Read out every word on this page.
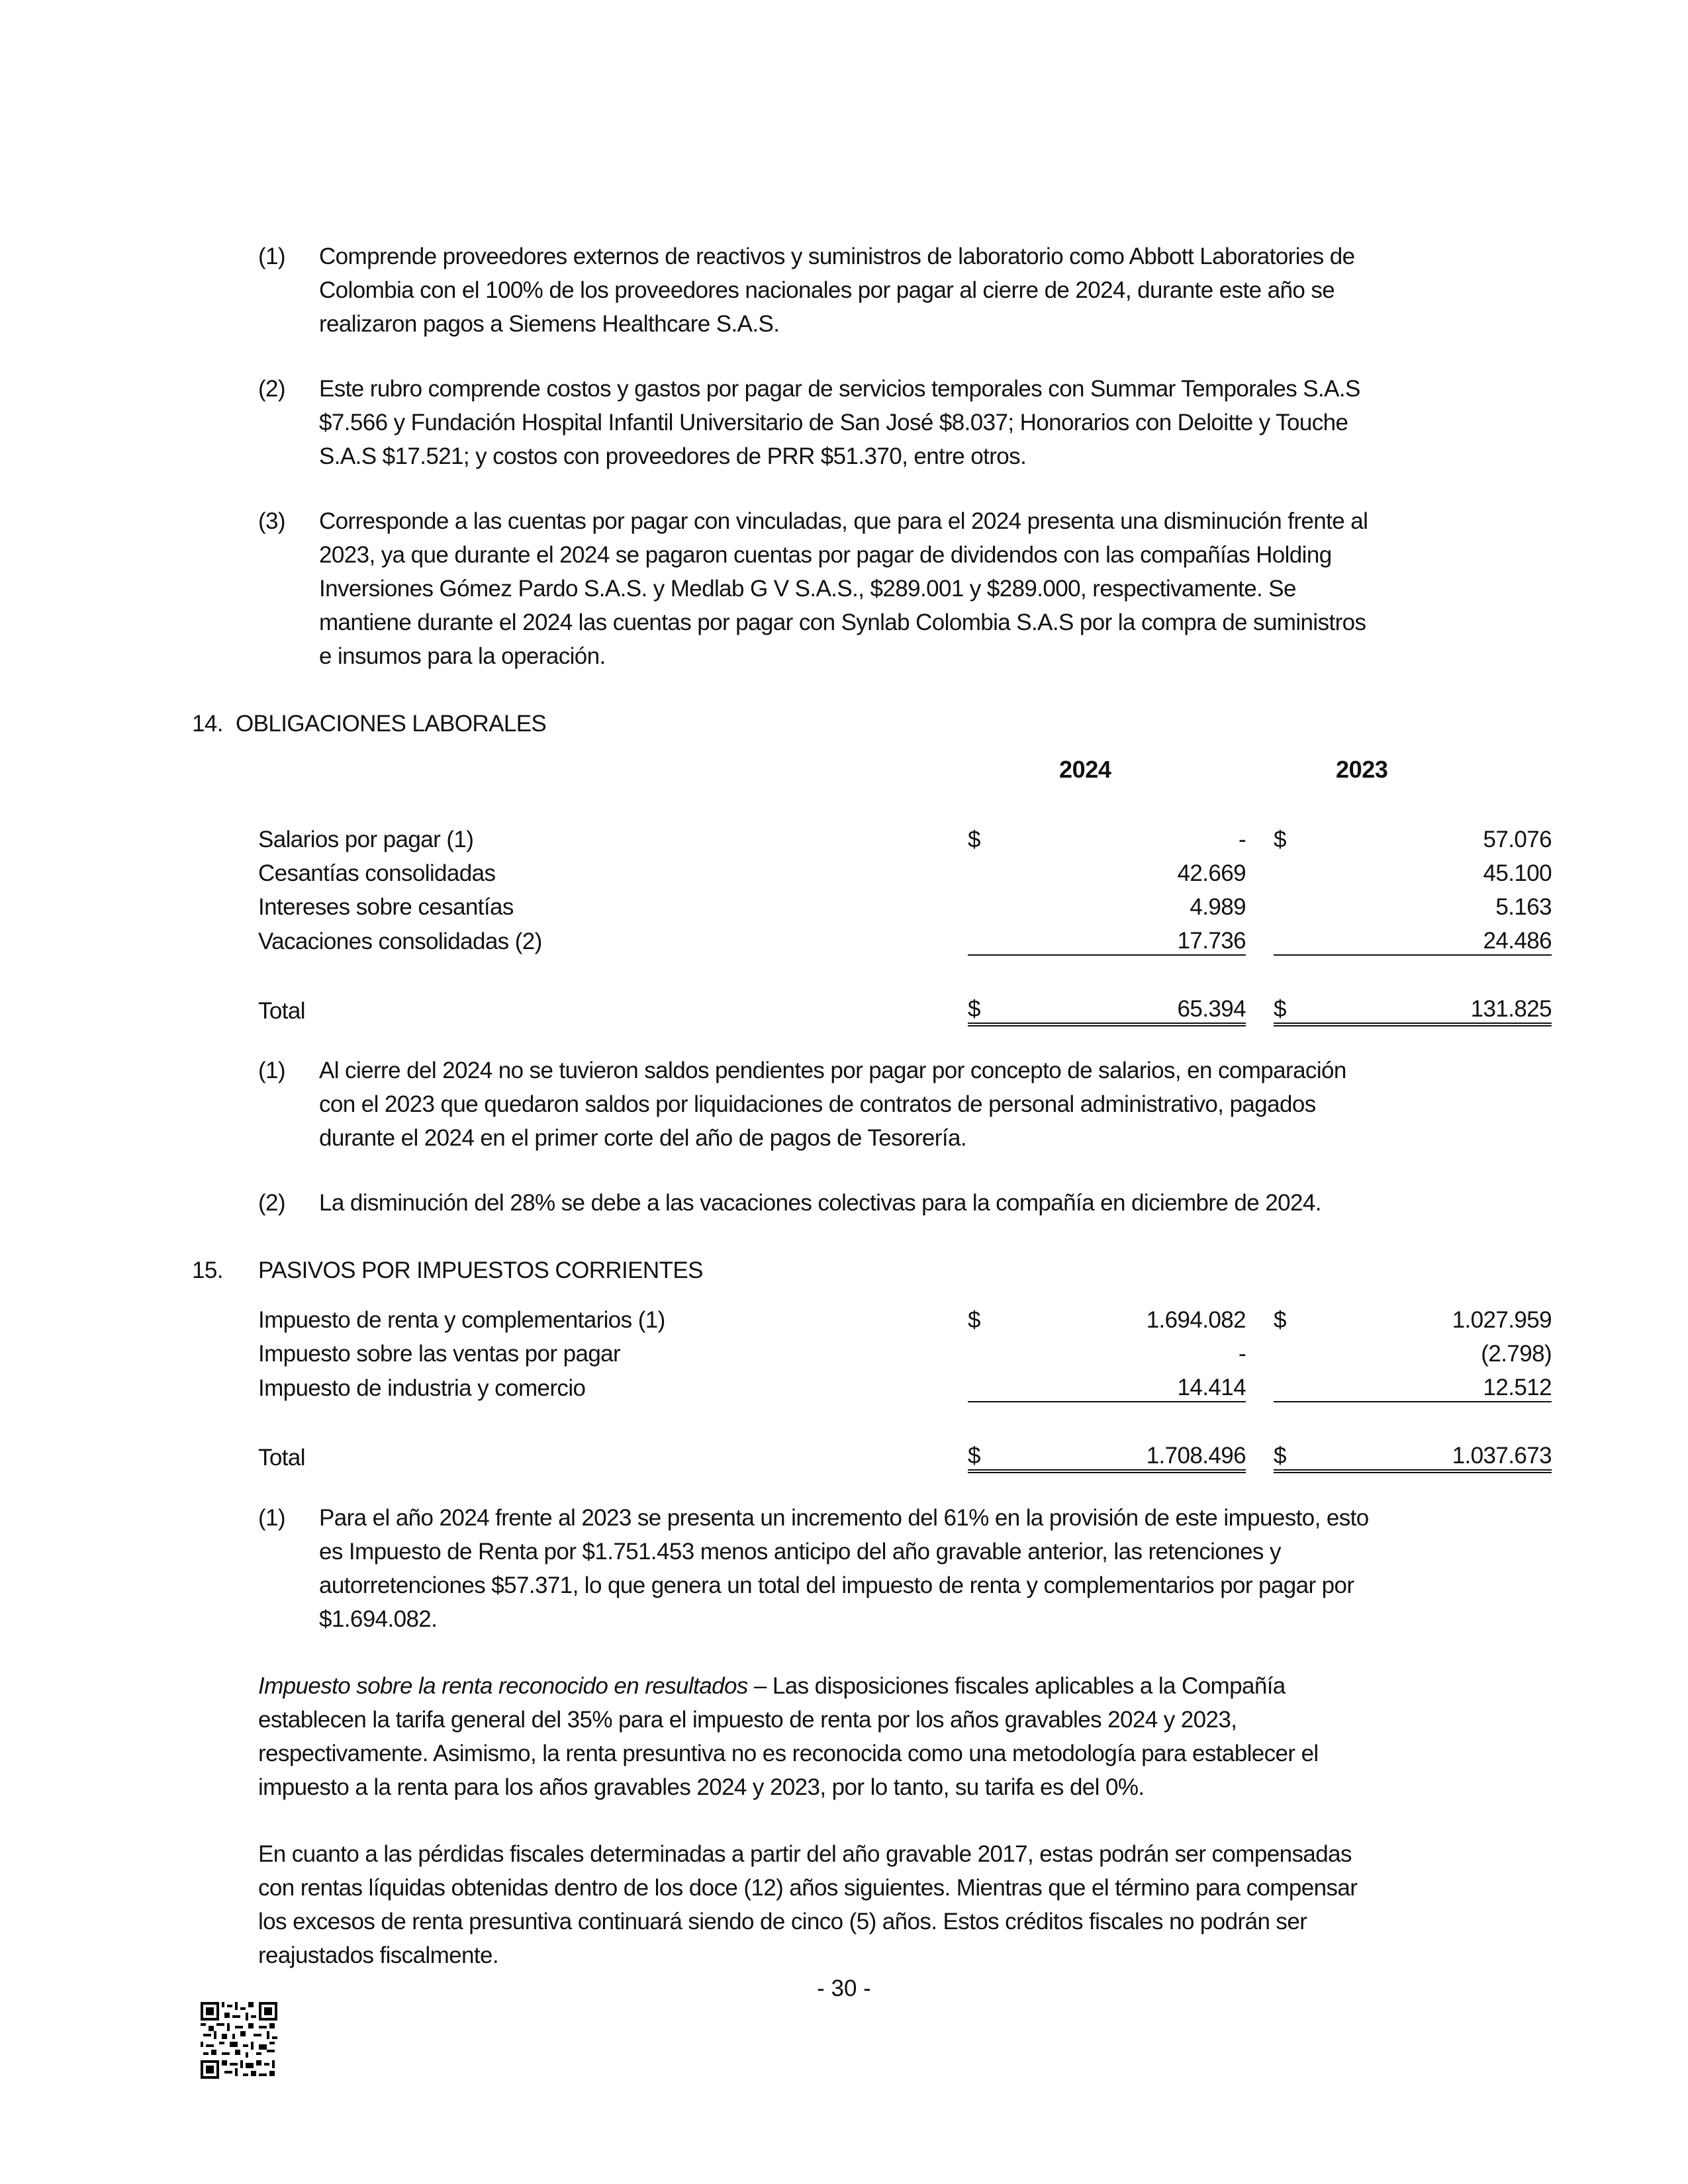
(1) Comprende proveedores externos de reactivos y suministros de laboratorio como Abbott Laboratories de
Colombia con el 100% de los proveedores nacionales por pagar al cierre de 2024, durante este año se
realizaron pagos a Siemens Healthcare S.A.S.
(2) Este rubro comprende costos y gastos por pagar de servicios temporales con Summar Temporales S.A.S
$7.566 y Fundación Hospital Infantil Universitario de San José $8.037; Honorarios con Deloitte y Touche
S.A.S $17.521; y costos con proveedores de PRR $51.370, entre otros.
(3) Corresponde a las cuentas por pagar con vinculadas, que para el 2024 presenta una disminución frente al
2023, ya que durante el 2024 se pagaron cuentas por pagar de dividendos con las compañías Holding
Inversiones Gómez Pardo S.A.S. y Medlab G V S.A.S., $289.001 y $289.000, respectivamente. Se
mantiene durante el 2024 las cuentas por pagar con Synlab Colombia S.A.S por la compra de suministros
e insumos para la operación.
14. OBLIGACIONES LABORALES
2024	2023
Salarios por pagar (1)	$	-		$	57.076
Cesantías consolidadas		42.669			45.100
Intereses sobre cesantías		4.989			5.163
Vacaciones consolidadas (2)		17.736			24.486

Total	$	65.394		$	131.825
(1) Al cierre del 2024 no se tuvieron saldos pendientes por pagar por concepto de salarios, en comparación
con el 2023 que quedaron saldos por liquidaciones de contratos de personal administrativo, pagados
durante el 2024 en el primer corte del año de pagos de Tesorería.
(2) La disminución del 28% se debe a las vacaciones colectivas para la compañía en diciembre de 2024.
15. PASIVOS POR IMPUESTOS CORRIENTES
Impuesto de renta y complementarios (1)	$	1.694.082		$	1.027.959
Impuesto sobre las ventas por pagar		-			(2.798)
Impuesto de industria y comercio		14.414			12.512

Total	$	1.708.496		$	1.037.673
(1) Para el año 2024 frente al 2023 se presenta un incremento del 61% en la provisión de este impuesto, esto
es Impuesto de Renta por $1.751.453 menos anticipo del año gravable anterior, las retenciones y
autorretenciones $57.371, lo que genera un total del impuesto de renta y complementarios por pagar por
$1.694.082.
Impuesto sobre la renta reconocido en resultados – Las disposiciones fiscales aplicables a la Compañía
establecen la tarifa general del 35% para el impuesto de renta por los años gravables 2024 y 2023,
respectivamente. Asimismo, la renta presuntiva no es reconocida como una metodología para establecer el
impuesto a la renta para los años gravables 2024 y 2023, por lo tanto, su tarifa es del 0%.
En cuanto a las pérdidas fiscales determinadas a partir del año gravable 2017, estas podrán ser compensadas
con rentas líquidas obtenidas dentro de los doce (12) años siguientes. Mientras que el término para compensar
los excesos de renta presuntiva continuará siendo de cinco (5) años. Estos créditos fiscales no podrán ser
reajustados fiscalmente.
- 30 -
